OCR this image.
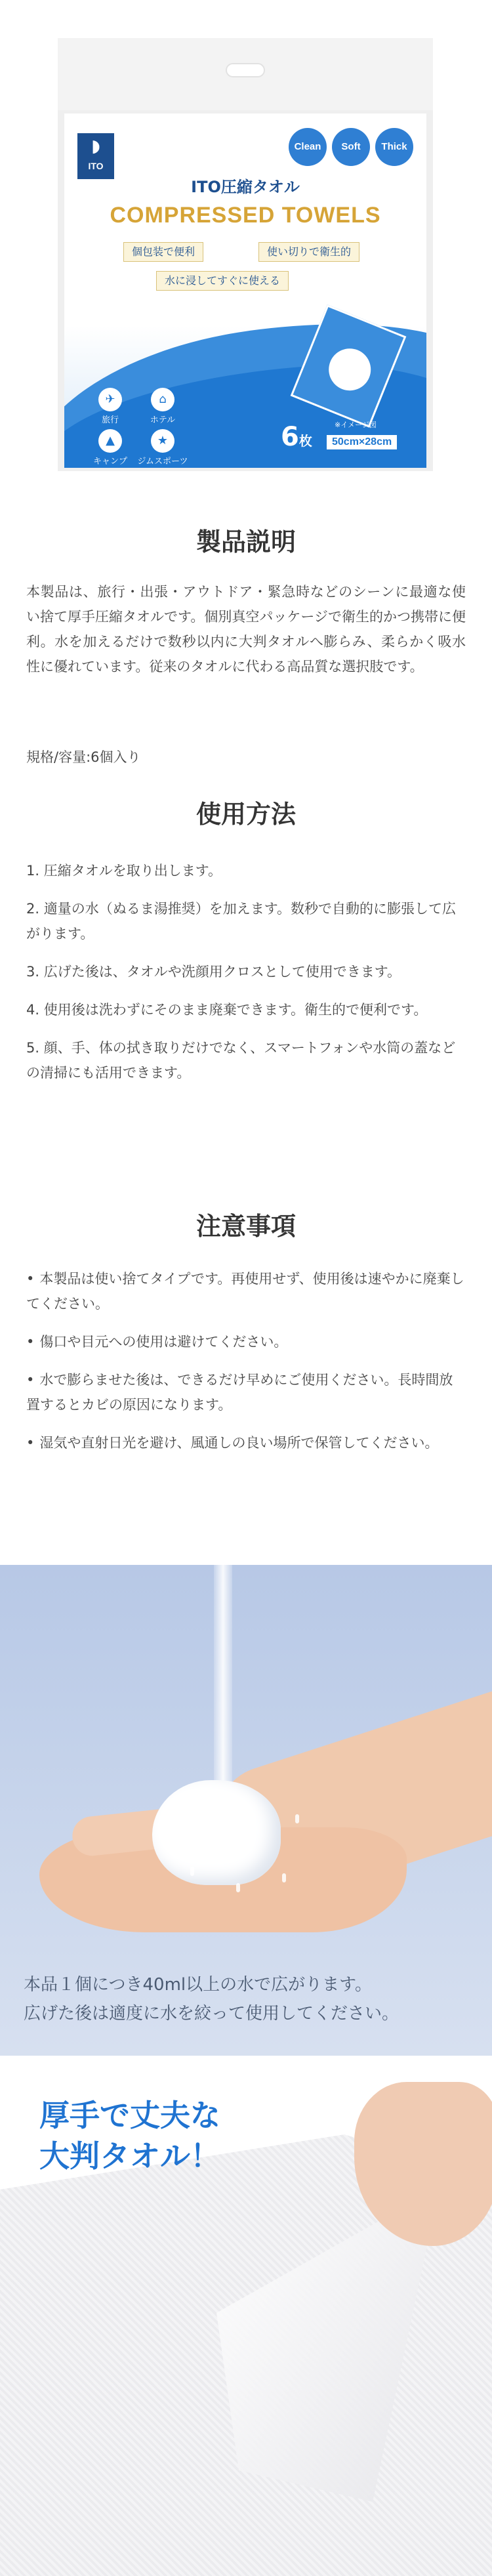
◗
ITO
Clean	Soft	Thick
ITO圧縮タオル
COMPRESSED TOWELS
個包装で便利	使い切りで衛生的
水に浸してすぐに使える
✈
旅行
⌂
ホテル
▲
キャンプ
★
ジムスポーツ
※イメージ図
6枚	50cm×28cm
製品説明

本製品は、旅行・出張・アウトドア・緊急時などのシーンに最適な使い捨て厚手圧縮タオルです。個別真空パッケージで衛生的かつ携帯に便利。水を加えるだけで数秒以内に大判タオルへ膨らみ、柔らかく吸水性に優れています。従来のタオルに代わる高品質な選択肢です。

規格/容量:6個入り

使用方法
1. 圧縮タオルを取り出します。
2. 適量の水（ぬるま湯推奨）を加えます。数秒で自動的に膨張して広がります。
3. 広げた後は、タオルや洗顔用クロスとして使用できます。
4. 使用後は洗わずにそのまま廃棄できます。衛生的で便利です。
5. 顔、手、体の拭き取りだけでなく、スマートフォンや水筒の蓋などの清掃にも活用できます。
注意事項
• 本製品は使い捨てタイプです。再使用せず、使用後は速やかに廃棄してください。
• 傷口や目元への使用は避けてください。
• 水で膨らませた後は、できるだけ早めにご使用ください。長時間放置するとカビの原因になります。
• 湿気や直射日光を避け、風通しの良い場所で保管してください。
本品１個につき40ml以上の水で広がります。
広げた後は適度に水を絞って使用してください。
厚手で丈夫な
大判タオル！
